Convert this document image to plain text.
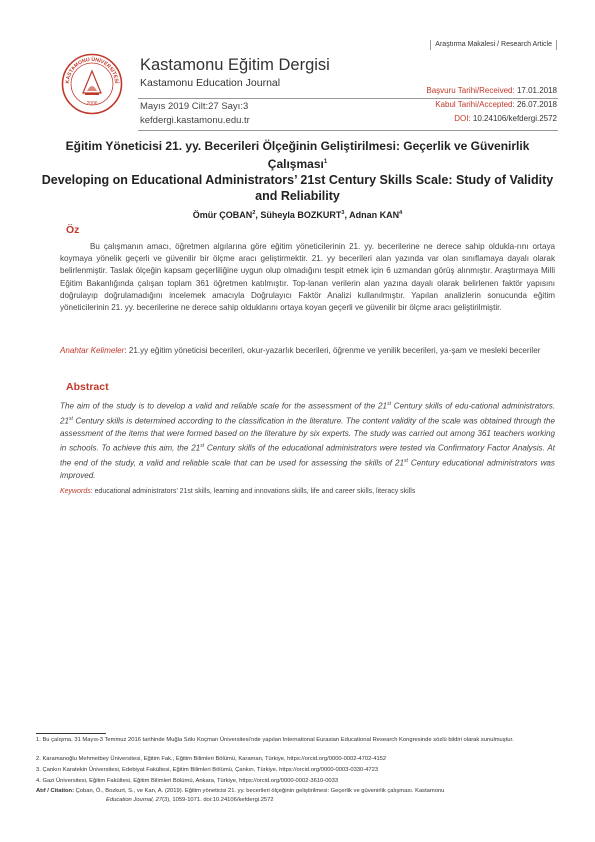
Araştırma Makalesi / Research Article
KASTAMONU ÜNİVERSİTESİ
2006
Kastamonu Eğitim Dergisi
Kastamonu Education Journal
Mayıs 2019 Cilt:27 Sayı:3
kefdergi.kastamonu.edu.tr
Başvuru Tarihi/Received: 17.01.2018
Kabul Tarihi/Accepted: 26.07.2018
DOI: 10.24106/kefdergi.2572
Eğitim Yöneticisi 21. yy. Becerileri Ölçeğinin Geliştirilmesi: Geçerlik ve Güvenirlik Çalışması$^1$
Developing on Educational Administrators’ 21st Century Skills Scale: Study of Validity and Reliability
Ömür ÇOBAN$^2$, Süheyla BOZKURT$^3$, Adnan KAN$^4$
Öz
Bu çalışmanın amacı, öğretmen algılarına göre eğitim yöneticilerinin 21. yy. becerilerine ne derece sahip oldukla-rını ortaya koymaya yönelik geçerli ve güvenilir bir ölçme aracı geliştirmektir. 21. yy becerileri alan yazında var olan sınıflamaya dayalı olarak belirlenmiştir. Taslak ölçeğin kapsam geçerliliğine uygun olup olmadığını tespit etmek için 6 uzmandan görüş alınmıştır. Araştırmaya Milli Eğitim Bakanlığında çalışan toplam 361 öğretmen katılmıştır. Top-lanan verilerin alan yazına dayalı olarak belirlenen faktör yapısını doğrulayıp doğrulamadığını incelemek amacıyla Doğrulayıcı Faktör Analizi kullanılmıştır. Yapılan analizlerin sonucunda eğitim yöneticilerinin 21. yy. becerilerine ne derece sahip olduklarını ortaya koyan geçerli ve güvenilir bir ölçme aracı geliştirilmiştir.
Anahtar Kelimeler: 21.yy eğitim yöneticisi becerileri, okur-yazarlık becerileri, öğrenme ve yenilik becerileri, ya-şam ve mesleki beceriler
Abstract
The aim of the study is to develop a valid and reliable scale for the assessment of the 21st Century skills of edu-cational administrators. 21st Century skills is determined according to the classification in the literature. The content validity of the scale was obtained through the assessment of the items that were formed based on the literature by six experts. The study was carried out among 361 teachers working in schools. To achieve this aim, the 21st Century skills of the educational administrators were tested via Confirmatory Factor Analysis. At the end of the study, a valid and reliable scale that can be used for assessing the skills of 21st Century educational administrators was improved.
Keywords: educational administrators’ 21st skills, learning and innovations skills, life and career skills, literacy skills
1. Bu çalışma, 31 Mayıs-3 Temmuz 2016 tarihinde Muğla Sıtkı Koçman Üniversitesi’nde yapılan International Eurasian Educational Research Kongresinde sözlü bildiri olarak sunulmuştur.
2. Karamanoğlu Mehmetbey Üniversitesi, Eğitim Fak., Eğitim Bilimleri Bölümü, Karaman, Türkiye, https://orcid.org/0000-0002-4702-4152
3. Çankırı Karatekin Üniversitesi, Edebiyat Fakültesi, Eğitim Bilimleri Bölümü, Çankırı, Türkiye, https://orcid.org/0000-0003-0330-4723
4. Gazi Üniversitesi, Eğitim Fakültesi, Eğitim Bilimleri Bölümü, Ankara, Türkiye, https://orcid.org/0000-0002-3610-0033
Atıf / Citation: Çoban, Ö., Bozkurt, S., ve Kan, A. (2019). Eğitim yöneticisi 21. yy. becerileri ölçeğinin geliştirilmesi: Geçerlik ve güvenirlik çalışması. Kastamonu
Education Journal, 27(3), 1059-1071. doi:10.24106/kefdergi.2572
